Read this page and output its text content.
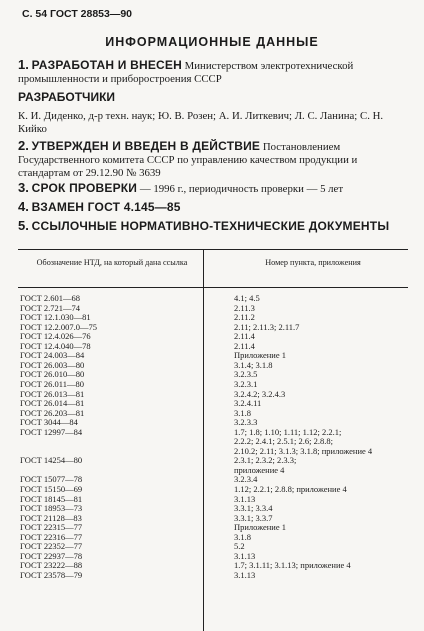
С. 54 ГОСТ 28853—90
ИНФОРМАЦИОННЫЕ ДАННЫЕ
1. РАЗРАБОТАН И ВНЕСЕН Министерством электротехнической промышленности и приборостроения СССР
РАЗРАБОТЧИКИ
К. И. Диденко, д-р техн. наук; Ю. В. Розен; А. И. Литкевич; Л. С. Ланина; С. Н. Кийко
2. УТВЕРЖДЕН И ВВЕДЕН В ДЕЙСТВИЕ Постановлением Государственного комитета СССР по управлению качеством продукции и стандартам от 29.12.90 № 3639
3. СРОК ПРОВЕРКИ — 1996 г., периодичность проверки — 5 лет
4. ВЗАМЕН ГОСТ 4.145—85
5. ССЫЛОЧНЫЕ НОРМАТИВНО-ТЕХНИЧЕСКИЕ ДОКУМЕНТЫ
Обозначение НТД, на который дана ссылка	Номер пункта, приложения
ГОСТ 2.601—68	4.1; 4.5
ГОСТ 2.721—74	2.11.3
ГОСТ 12.1.030—81	2.11.2
ГОСТ 12.2.007.0—75	2.11; 2.11.3; 2.11.7
ГОСТ 12.4.026—76	2.11.4
ГОСТ 12.4.040—78	2.11.4
ГОСТ 24.003—84	Приложение 1
ГОСТ 26.003—80	3.1.4; 3.1.8
ГОСТ 26.010—80	3.2.3.5
ГОСТ 26.011—80	3.2.3.1
ГОСТ 26.013—81	3.2.4.2; 3.2.4.3
ГОСТ 26.014—81	3.2.4.11
ГОСТ 26.203—81	3.1.8
ГОСТ 3044—84	3.2.3.3
ГОСТ 12997—84	1.7; 1.8; 1.10; 1.11; 1.12; 2.2.1;
2.2.2; 2.4.1; 2.5.1; 2.6; 2.8.8;
2.10.2; 2.11; 3.1.3; 3.1.8; приложение 4
ГОСТ 14254—80	2.3.1; 2.3.2; 2.3.3;
приложение 4
ГОСТ 15077—78	3.2.3.4
ГОСТ 15150—69	1.12; 2.2.1; 2.8.8; приложение 4
ГОСТ 18145—81	3.1.13
ГОСТ 18953—73	3.3.1; 3.3.4
ГОСТ 21128—83	3.3.1; 3.3.7
ГОСТ 22315—77	Приложение 1
ГОСТ 22316—77	3.1.8
ГОСТ 22352—77	5.2
ГОСТ 22937—78	3.1.13
ГОСТ 23222—88	1.7; 3.1.11; 3.1.13; приложение 4
ГОСТ 23578—79	3.1.13
